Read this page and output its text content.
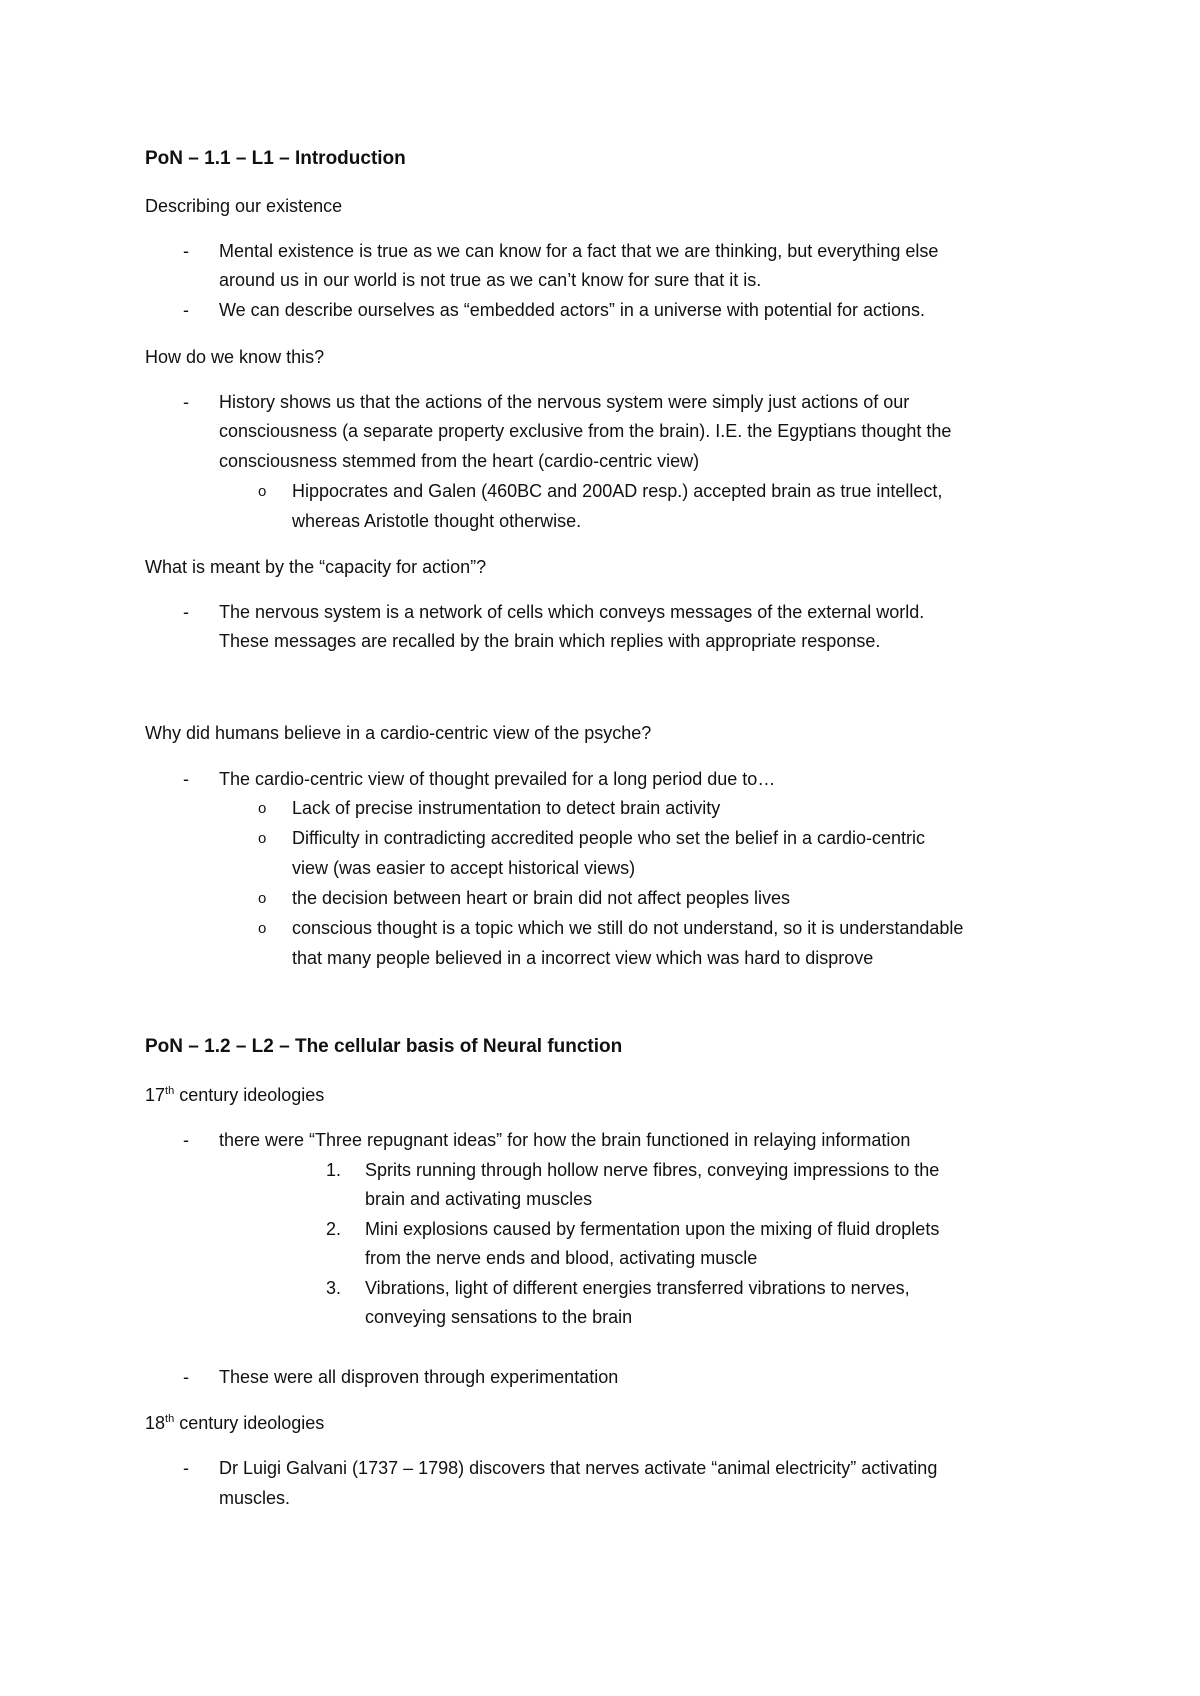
PoN – 1.1 – L1 – Introduction
Describing our existence
- Mental existence is true as we can know for a fact that we are thinking, but everything else
around us in our world is not true as we can’t know for sure that it is.
- We can describe ourselves as “embedded actors” in a universe with potential for actions.
How do we know this?
- History shows us that the actions of the nervous system were simply just actions of our
consciousness (a separate property exclusive from the brain). I.E. the Egyptians thought the
consciousness stemmed from the heart (cardio-centric view)
o Hippocrates and Galen (460BC and 200AD resp.) accepted brain as true intellect,
whereas Aristotle thought otherwise.
What is meant by the “capacity for action”?
- The nervous system is a network of cells which conveys messages of the external world.
These messages are recalled by the brain which replies with appropriate response.
Why did humans believe in a cardio-centric view of the psyche?
- The cardio-centric view of thought prevailed for a long period due to…
o Lack of precise instrumentation to detect brain activity
o Difficulty in contradicting accredited people who set the belief in a cardio-centric
view (was easier to accept historical views)
o the decision between heart or brain did not affect peoples lives
o conscious thought is a topic which we still do not understand, so it is understandable
that many people believed in a incorrect view which was hard to disprove
PoN – 1.2 – L2 – The cellular basis of Neural function
17th century ideologies
- there were “Three repugnant ideas” for how the brain functioned in relaying information
1. Sprits running through hollow nerve fibres, conveying impressions to the
brain and activating muscles
2. Mini explosions caused by fermentation upon the mixing of fluid droplets
from the nerve ends and blood, activating muscle
3. Vibrations, light of different energies transferred vibrations to nerves,
conveying sensations to the brain
- These were all disproven through experimentation
18th century ideologies
- Dr Luigi Galvani (1737 – 1798) discovers that nerves activate “animal electricity” activating
muscles.
